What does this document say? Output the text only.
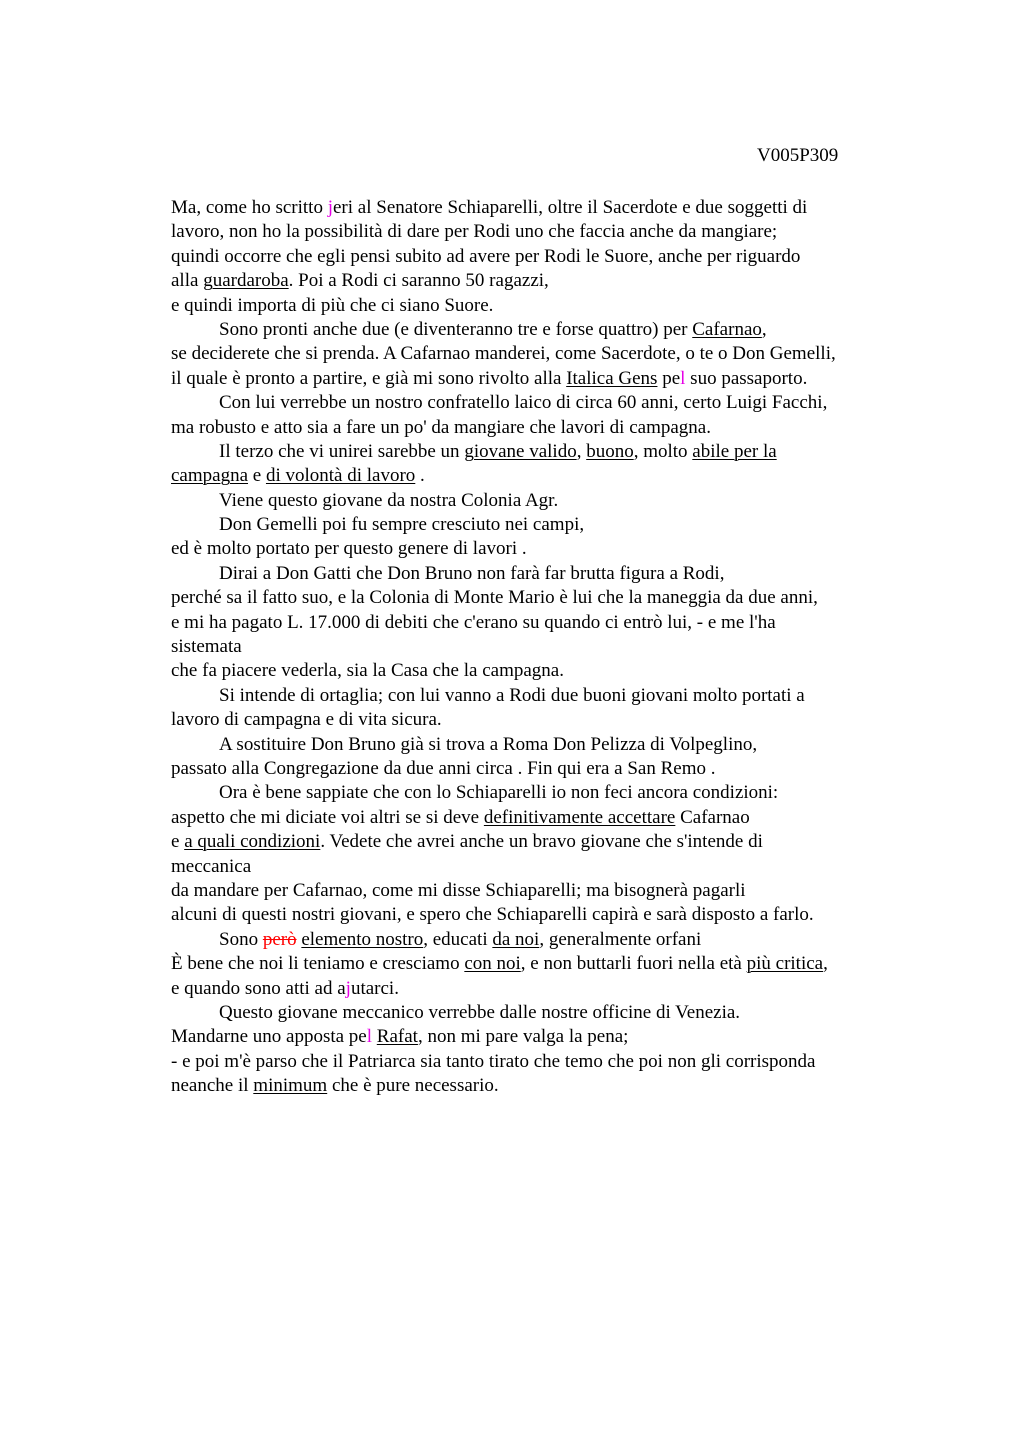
V005P309
Ma, come ho scritto jeri al Senatore Schiaparelli, oltre il Sacerdote e due soggetti di
lavoro, non ho la possibilità di dare per Rodi uno che faccia anche da mangiare;
quindi occorre che egli pensi subito ad avere per Rodi le Suore, anche per riguardo
alla guardaroba. Poi a Rodi ci saranno 50 ragazzi,
e quindi importa di più che ci siano Suore.
Sono pronti anche due (e diventeranno tre e forse quattro) per Cafarnao,
se deciderete che si prenda. A Cafarnao manderei, come Sacerdote, o te o Don Gemelli,
il quale è pronto a partire, e già mi sono rivolto alla Italica Gens pel suo passaporto.
Con lui verrebbe un nostro confratello laico di circa 60 anni, certo Luigi Facchi,
ma robusto e atto sia a fare un po' da mangiare che lavori di campagna.
Il terzo che vi unirei sarebbe un giovane valido, buono, molto abile per la
campagna e di volontà di lavoro .
Viene questo giovane da nostra Colonia Agr.
Don Gemelli poi fu sempre cresciuto nei campi,
ed è molto portato per questo genere di lavori .
Dirai a Don Gatti che Don Bruno non farà far brutta figura a Rodi,
perché sa il fatto suo, e la Colonia di Monte Mario è lui che la maneggia da due anni,
e mi ha pagato L. 17.000 di debiti che c'erano su quando ci entrò lui, - e me l'ha
sistemata
che fa piacere vederla, sia la Casa che la campagna.
Si intende di ortaglia; con lui vanno a Rodi due buoni giovani molto portati a
lavoro di campagna e di vita sicura.
A sostituire Don Bruno già si trova a Roma Don Pelizza di Volpeglino,
passato alla Congregazione da due anni circa . Fin qui era a San Remo .
Ora è bene sappiate che con lo Schiaparelli io non feci ancora condizioni:
aspetto che mi diciate voi altri se si deve definitivamente accettare Cafarnao
e a quali condizioni. Vedete che avrei anche un bravo giovane che s'intende di
meccanica
da mandare per Cafarnao, come mi disse Schiaparelli; ma bisognerà pagarli
alcuni di questi nostri giovani, e spero che Schiaparelli capirà e sarà disposto a farlo.
Sono però elemento nostro, educati da noi, generalmente orfani
È bene che noi li teniamo e cresciamo con noi, e non buttarli fuori nella età più critica,
e quando sono atti ad ajutarci.
Questo giovane meccanico verrebbe dalle nostre officine di Venezia.
Mandarne uno apposta pel Rafat, non mi pare valga la pena;
- e poi m'è parso che il Patriarca sia tanto tirato che temo che poi non gli corrisponda
neanche il minimum che è pure necessario.
